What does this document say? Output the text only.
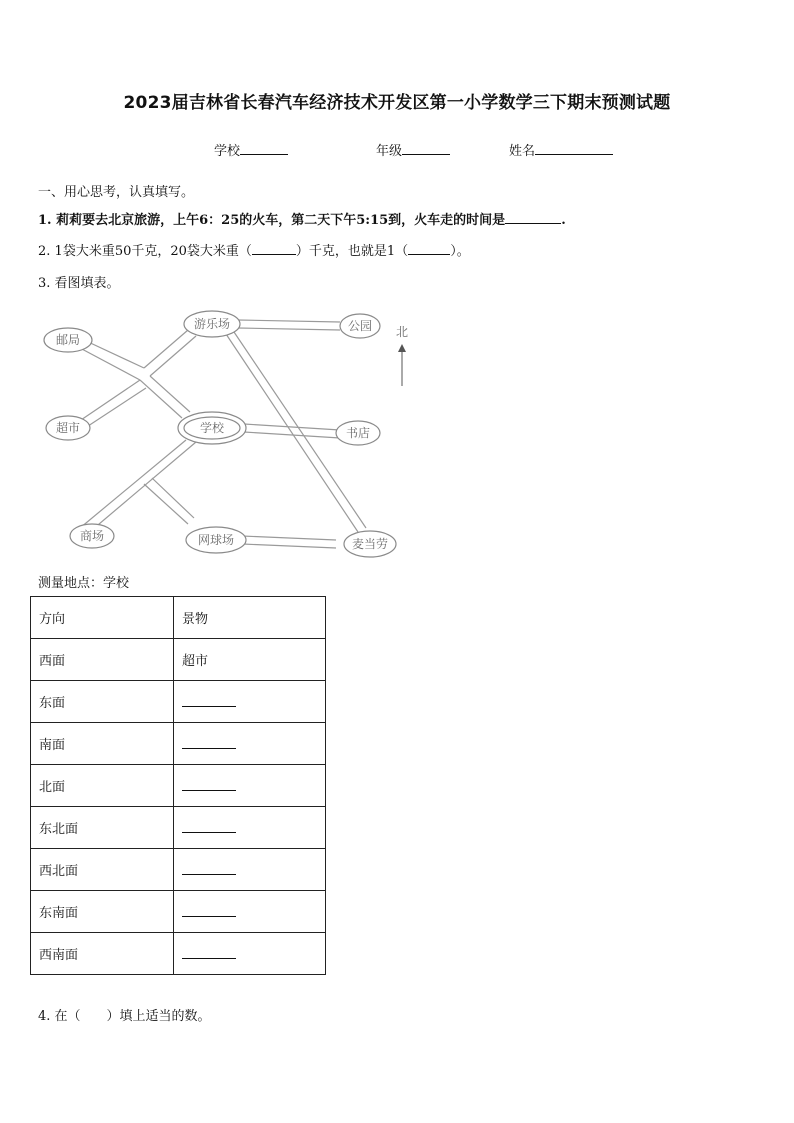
2023届吉林省长春汽车经济技术开发区第一小学数学三下期末预测试题
学校	年级	姓名
一、用心思考，认真填写。
1. 莉莉要去北京旅游，上午6：25的火车，第二天下午5:15到，火车走的时间是	.
2. 1袋大米重50千克，20袋大米重（	）千克，也就是1（	）。
3. 看图填表。
邮局
游乐场	公园
超市	学校	书店
商场	网球场	麦当劳
北
测量地点：学校
方向	景物
西面	超市
东面	
南面	
北面	
东北面	
西北面	
东南面	
西南面	
4. 在（　　）填上适当的数。
